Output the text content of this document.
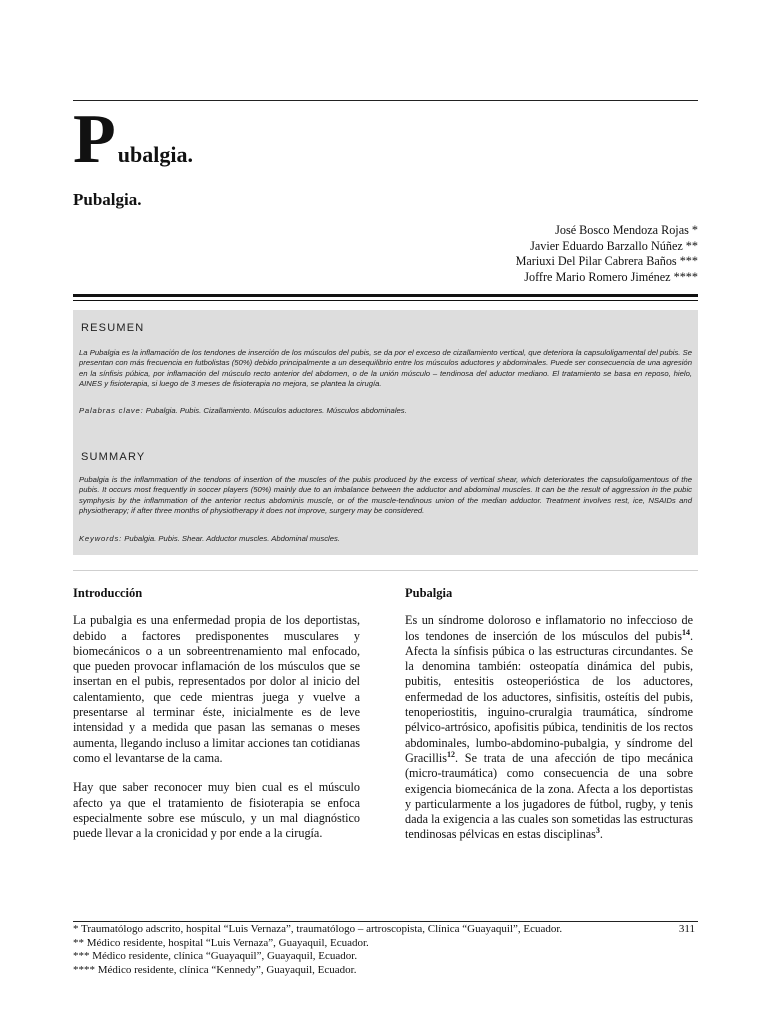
Pubalgia.
Pubalgia.
José Bosco Mendoza Rojas *
Javier Eduardo Barzallo Núñez **
Mariuxi Del Pilar Cabrera Baños ***
Joffre Mario Romero Jiménez ****
RESUMEN
La Pubalgia es la inflamación de los tendones de inserción de los músculos del pubis, se da por el exceso de cizallamiento vertical, que deteriora la capsuloligamental del pubis. Se presentan con más frecuencia en futbolistas (50%) debido principalmente a un desequilibrio entre los músculos aductores y abdominales. Puede ser consecuencia de una agresión en la sínfisis púbica, por inflamación del músculo recto anterior del abdomen, o de la unión músculo – tendinosa del aductor mediano. El tratamiento se basa en reposo, hielo, AINES y fisioterapia, si luego de 3 meses de fisioterapia no mejora, se plantea la cirugía.
Palabras clave: Pubalgia. Pubis. Cizallamiento. Músculos aductores. Músculos abdominales.
SUMMARY
Pubalgia is the inflammation of the tendons of insertion of the muscles of the pubis produced by the excess of vertical shear, which deteriorates the capsuloligamentous of the pubis. It occurs most frequently in soccer players (50%) mainly due to an imbalance between the adductor and abdominal muscles. It can be the result of aggression in the pubic symphysis by the inflammation of the anterior rectus abdominis muscle, or of the muscle-tendinous union of the median adductor. Treatment involves rest, ice, NSAIDs and physiotherapy; if after three months of physiotherapy it does not improve, surgery may be considered.
Keywords: Pubalgia. Pubis. Shear. Adductor muscles. Abdominal muscles.
Introducción

La pubalgia es una enfermedad propia de los deportistas, debido a factores predisponentes musculares y biomecánicos o a un sobreentrenamiento mal enfocado, que pueden provocar inflamación de los músculos que se insertan en el pubis, representados por dolor al inicio del calentamiento, que cede mientras juega y vuelve a presentarse al terminar éste, inicialmente es de leve intensidad y a medida que pasan las semanas o meses aumenta, llegando incluso a limitar acciones tan cotidianas como el levantarse de la cama.

Hay que saber reconocer muy bien cual es el músculo afecto ya que el tratamiento de fisioterapia se enfoca especialmente sobre ese músculo, y un mal diagnóstico puede llevar a la cronicidad y por ende a la cirugía.

Pubalgia

Es un síndrome doloroso e inflamatorio no infeccioso de los tendones de inserción de los músculos del pubis$^{14}$. Afecta la sínfisis púbica o las estructuras circundantes. Se la denomina también: osteopatía dinámica del pubis, pubitis, entesitis osteoperióstica de los aductores, enfermedad de los aductores, sinfisitis, osteítis del pubis, tenoperiostitis, inguino-cruralgia traumática, síndrome pélvico-artrósico, apofisitis púbica, tendinitis de los rectos abdominales, lumbo-abdomino-pubalgia, y síndrome del Gracillis$^{12}$. Se trata de una afección de tipo mecánica (micro-traumática) como consecuencia de una sobre exigencia biomecánica de la zona. Afecta a los deportistas y particularmente a los jugadores de fútbol, rugby, y tenis dada la exigencia a las cuales son sometidas las estructuras tendinosas pélvicas en estas disciplinas$^3$.

* Traumatólogo adscrito, hospital “Luis Vernaza”, traumatólogo – artroscopista, Clínica “Guayaquil”, Ecuador.
** Médico residente, hospital “Luis Vernaza”, Guayaquil, Ecuador.
*** Médico residente, clínica “Guayaquil”, Guayaquil, Ecuador.
**** Médico residente, clínica “Kennedy”, Guayaquil, Ecuador.
311
